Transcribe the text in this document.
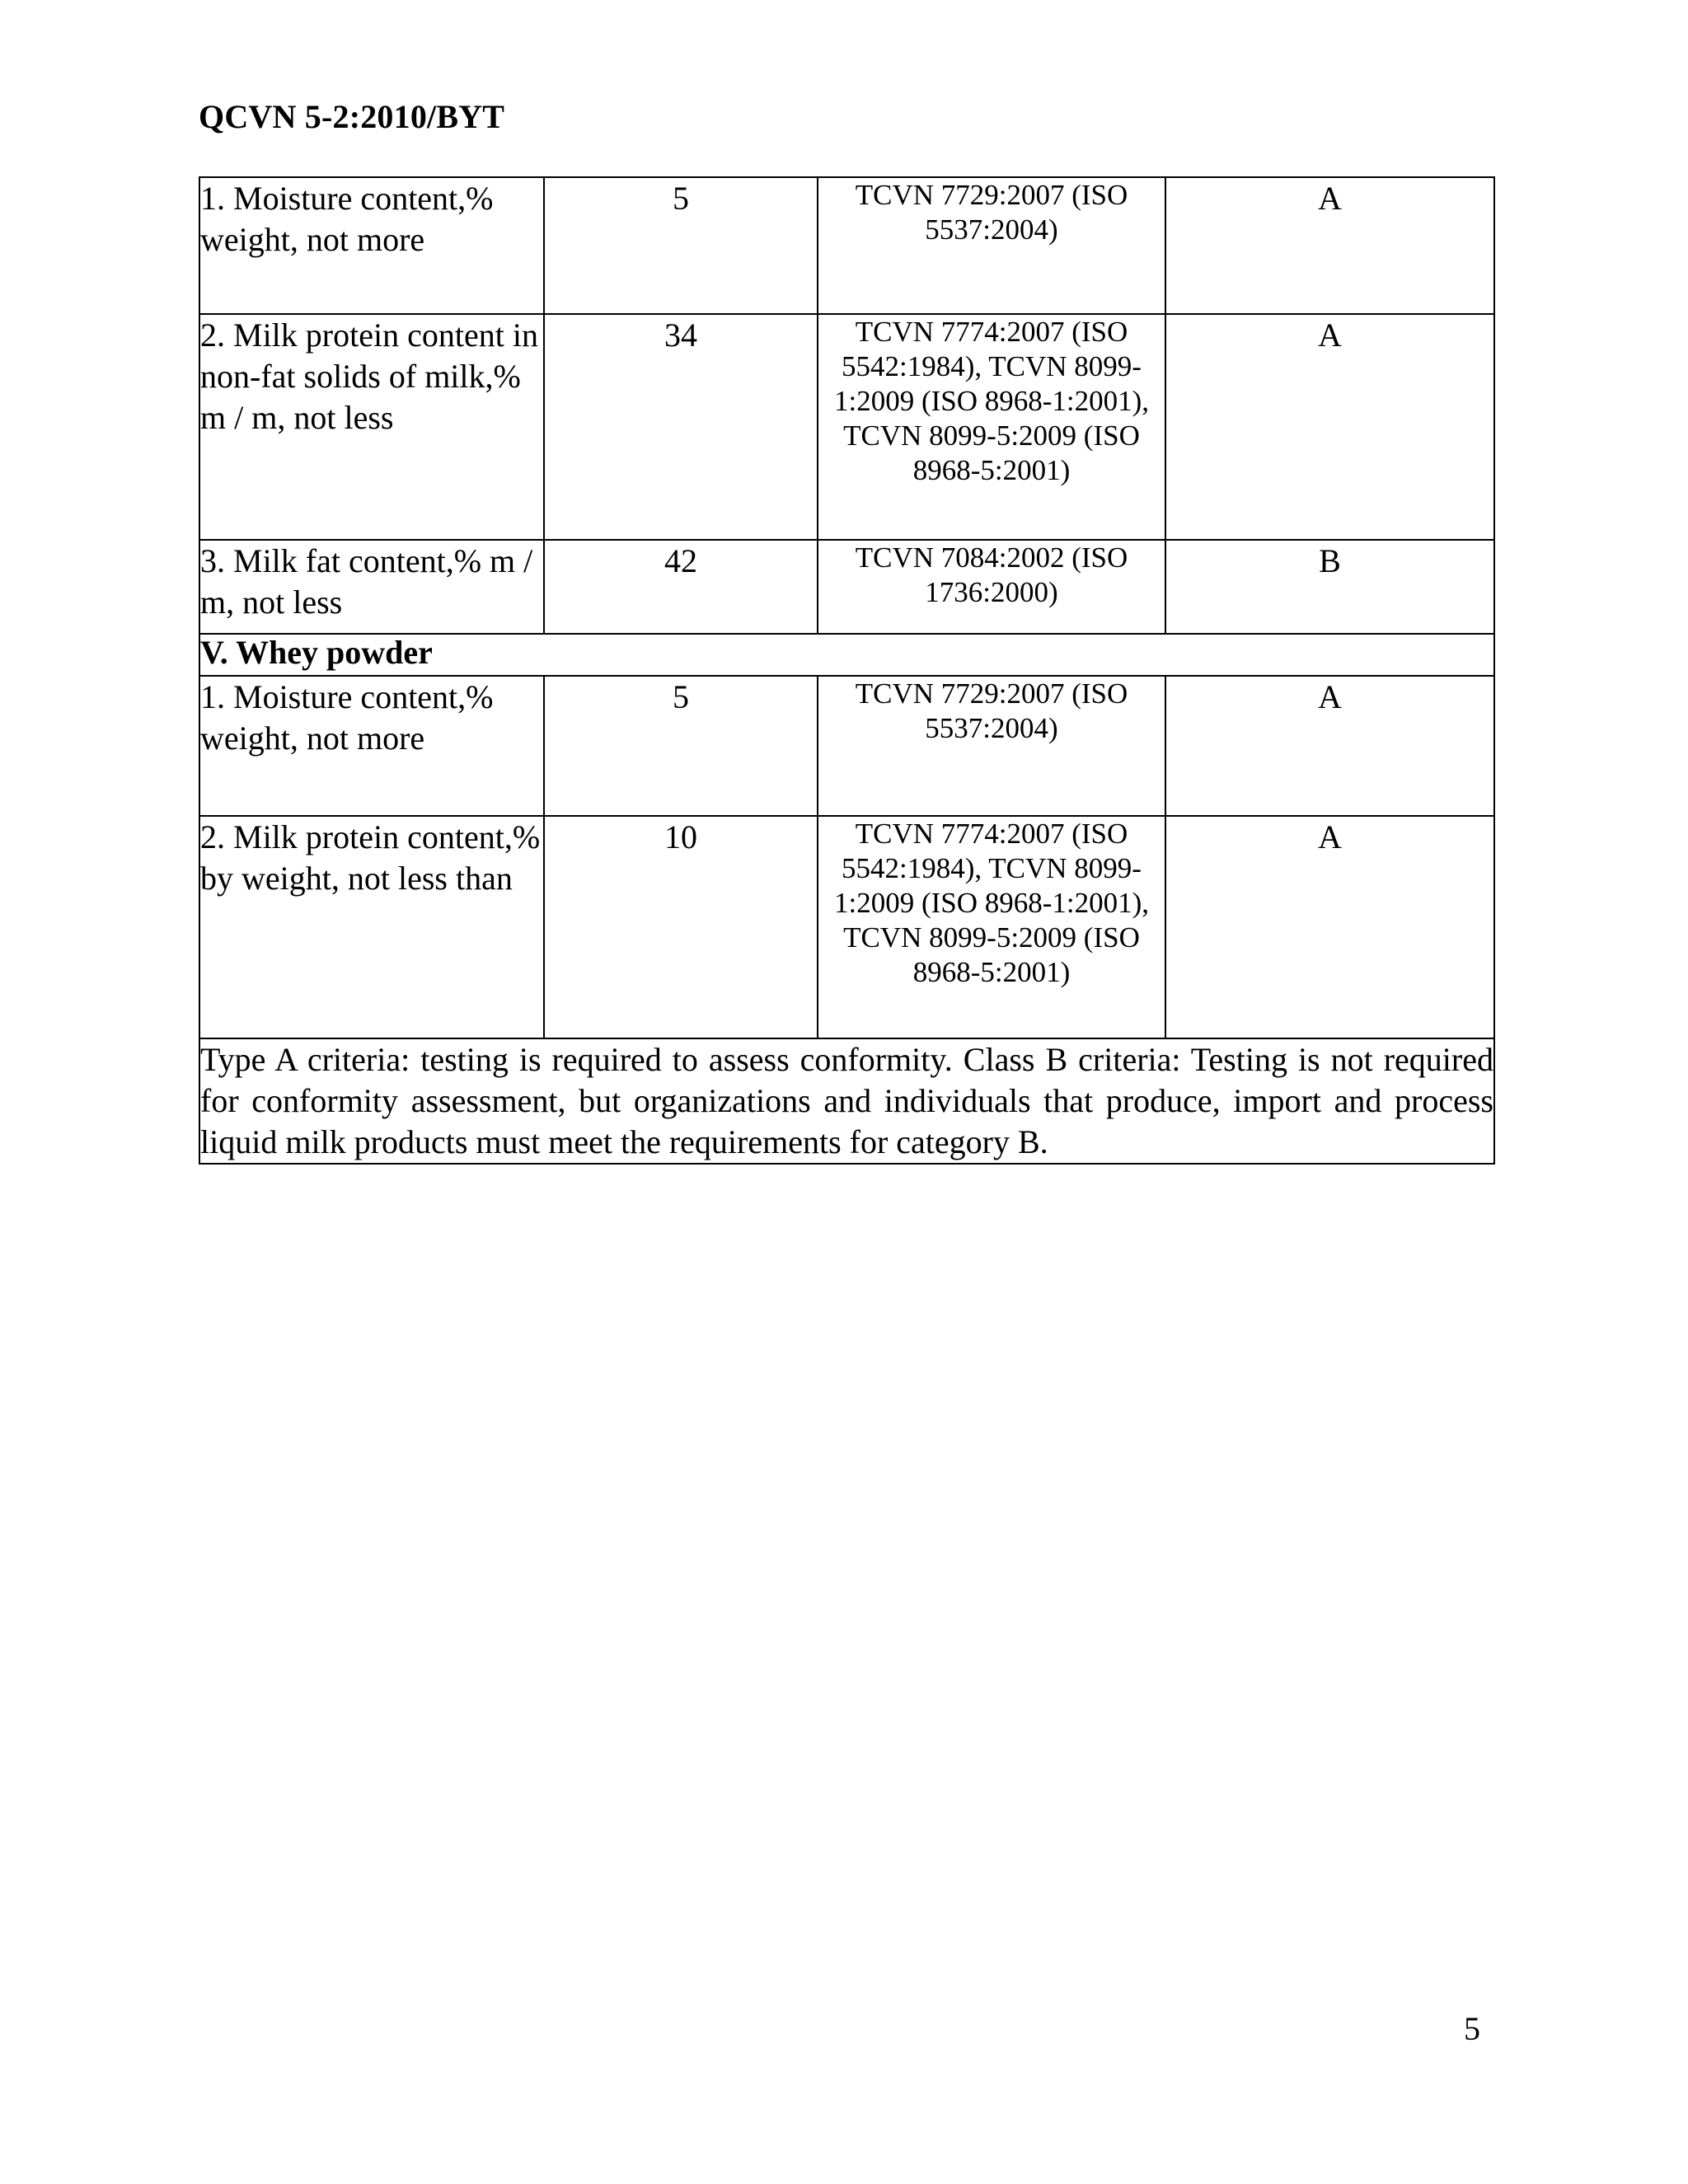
QCVN 5-2:2010/BYT
1. Moisture content,% weight, not more	5	TCVN 7729:2007 (ISO 5537:2004)	A
2. Milk protein content in non-fat solids of milk,% m / m, not less	34	TCVN 7774:2007 (ISO 5542:1984), TCVN 8099-1:2009 (ISO 8968-1:2001), TCVN 8099-5:2009 (ISO 8968-5:2001)	A
3. Milk fat content,% m / m, not less	42	TCVN 7084:2002 (ISO 1736:2000)	B
V. Whey powder			
1. Moisture content,% weight, not more	5	TCVN 7729:2007 (ISO 5537:2004)	A
2. Milk protein content,% by weight, not less than	10	TCVN 7774:2007 (ISO 5542:1984), TCVN 8099-1:2009 (ISO 8968-1:2001), TCVN 8099-5:2009 (ISO 8968-5:2001)	A
Type A criteria: testing is required to assess conformity. Class B criteria: Testing is not required for conformity assessment, but organizations and individuals that produce, import and process liquid milk products must meet the requirements for category B.			
5
